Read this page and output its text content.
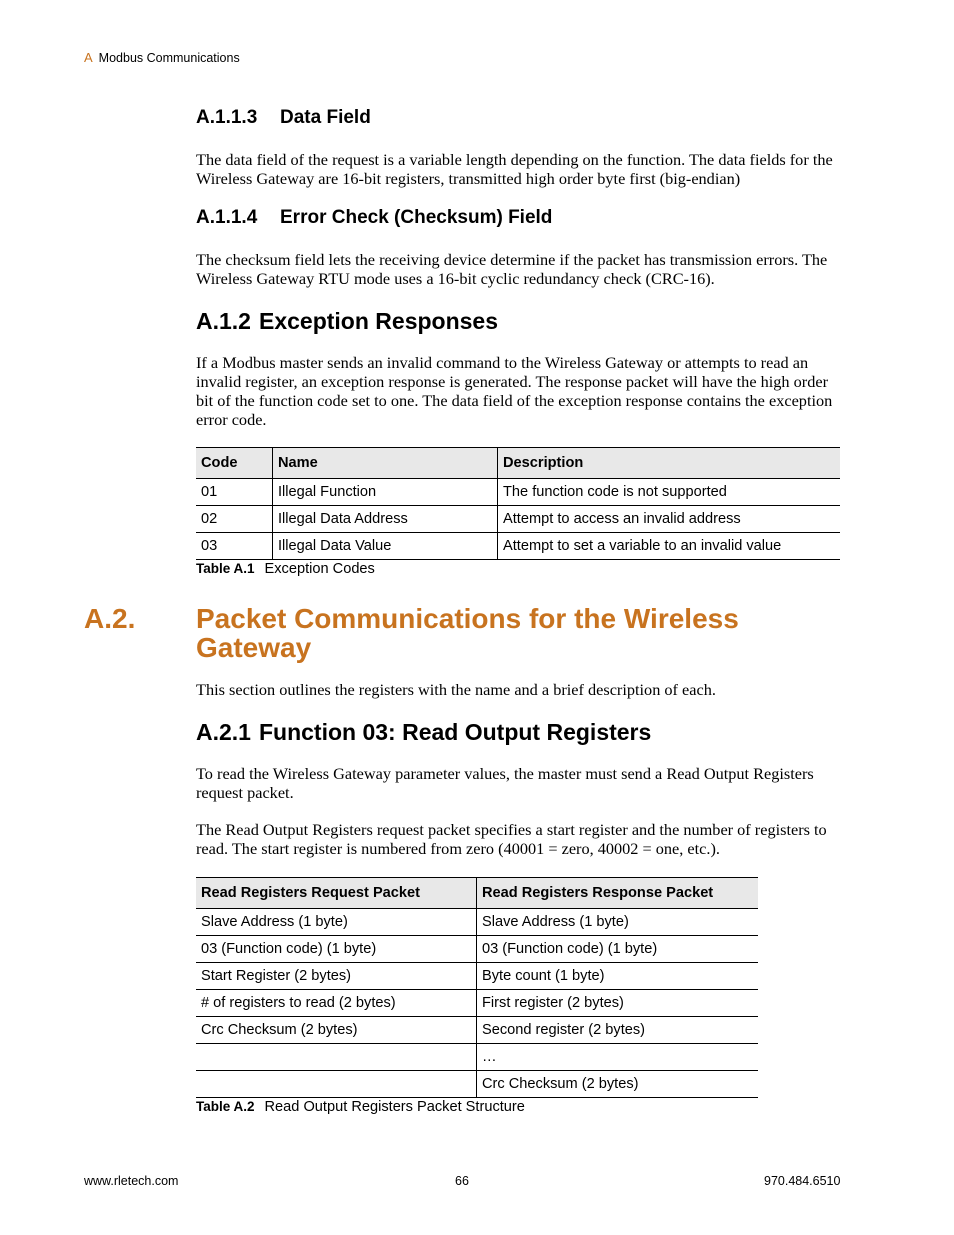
A Modbus Communications
A.1.1.3 Data Field
The data field of the request is a variable length depending on the function. The data fields for the Wireless Gateway are 16-bit registers, transmitted high order byte first (big-endian)
A.1.1.4 Error Check (Checksum) Field
The checksum field lets the receiving device determine if the packet has transmission errors. The Wireless Gateway RTU mode uses a 16-bit cyclic redundancy check (CRC-16).
A.1.2 Exception Responses
If a Modbus master sends an invalid command to the Wireless Gateway or attempts to read an invalid register, an exception response is generated. The response packet will have the high order bit of the function code set to one. The data field of the exception response contains the exception error code.
Code	Name	Description
01	Illegal Function	The function code is not supported
02	Illegal Data Address	Attempt to access an invalid address
03	Illegal Data Value	Attempt to set a variable to an invalid value
Table A.1 Exception Codes
A.2. Packet Communications for the Wireless Gateway
This section outlines the registers with the name and a brief description of each.
A.2.1 Function 03: Read Output Registers
To read the Wireless Gateway parameter values, the master must send a Read Output Registers request packet.
The Read Output Registers request packet specifies a start register and the number of registers to read. The start register is numbered from zero (40001 = zero, 40002 = one, etc.).
Read Registers Request Packet	Read Registers Response Packet
Slave Address (1 byte)	Slave Address (1 byte)
03 (Function code) (1 byte)	03 (Function code) (1 byte)
Start Register (2 bytes)	Byte count (1 byte)
# of registers to read (2 bytes)	First register (2 bytes)
Crc Checksum (2 bytes)	Second register (2 bytes)
	…
	Crc Checksum (2 bytes)
Table A.2 Read Output Registers Packet Structure
www.rletech.com	66	970.484.6510
